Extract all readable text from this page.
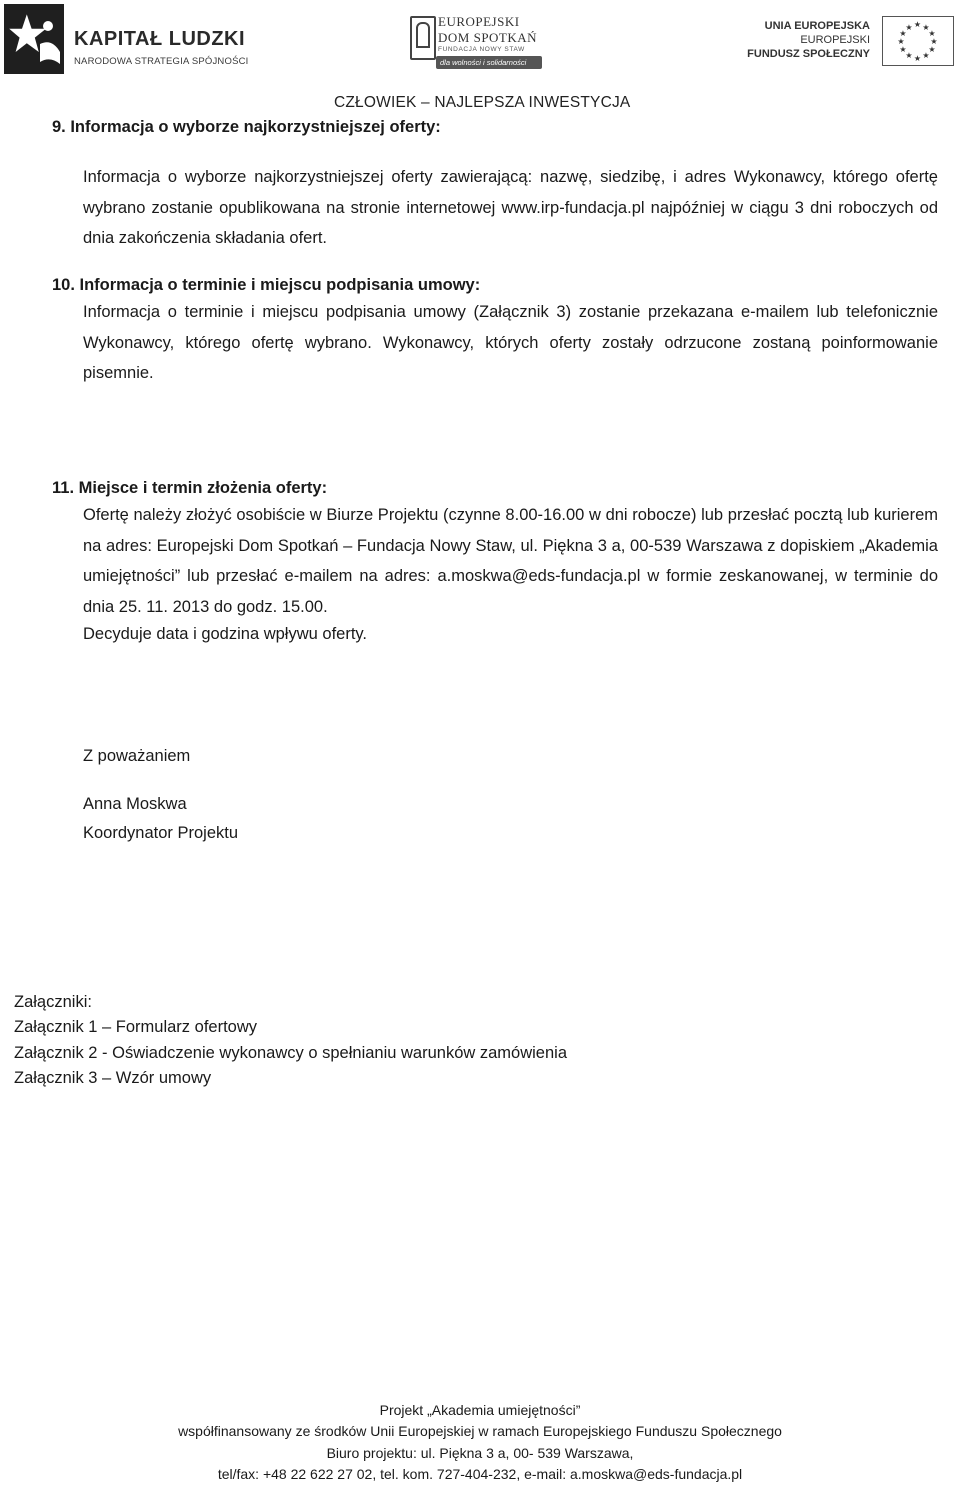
KAPITAŁ LUDZKI
NARODOWA STRATEGIA SPÓJNOŚCI
EUROPEJSKI
DOM SPOTKAŃ
FUNDACJA NOWY STAW
dla wolności i solidarności
UNIA EUROPEJSKA
EUROPEJSKI
FUNDUSZ SPOŁECZNY
★ ★
★
★
★
★
★
★
★
★
★
★
CZŁOWIEK – NAJLEPSZA INWESTYCJA
9. Informacja o wyborze najkorzystniejszej oferty:
Informacja o wyborze najkorzystniejszej oferty zawierającą: nazwę, siedzibę, i adres Wykonawcy, którego ofertę wybrano zostanie opublikowana na stronie internetowej www.irp-fundacja.pl najpóźniej w ciągu 3 dni roboczych od dnia zakończenia składania ofert.
10. Informacja o terminie i miejscu podpisania umowy:
Informacja o terminie i miejscu podpisania umowy (Załącznik 3) zostanie przekazana e-mailem lub telefonicznie Wykonawcy, którego ofertę wybrano. Wykonawcy, których oferty zostały odrzucone zostaną poinformowanie pisemnie.
11. Miejsce i termin złożenia oferty:
Ofertę należy złożyć osobiście w Biurze Projektu (czynne 8.00-16.00 w dni robocze) lub przesłać pocztą lub kurierem na adres: Europejski Dom Spotkań – Fundacja Nowy Staw, ul. Piękna 3 a, 00-539 Warszawa z dopiskiem „Akademia umiejętności” lub przesłać e-mailem na adres: a.moskwa@eds-fundacja.pl w formie zeskanowanej, w terminie do dnia 25. 11. 2013 do godz. 15.00.
Decyduje data i godzina wpływu oferty.
Z poważaniem
Anna Moskwa
Koordynator Projektu
Załączniki:
Załącznik 1 – Formularz ofertowy
Załącznik 2 - Oświadczenie wykonawcy o spełnianiu warunków zamówienia
Załącznik 3 – Wzór umowy
Projekt „Akademia umiejętności”
współfinansowany ze środków Unii Europejskiej w ramach Europejskiego Funduszu Społecznego
Biuro projektu: ul. Piękna 3 a, 00- 539 Warszawa,
tel/fax: +48 22 622 27 02, tel. kom. 727-404-232, e-mail: a.moskwa@eds-fundacja.pl
